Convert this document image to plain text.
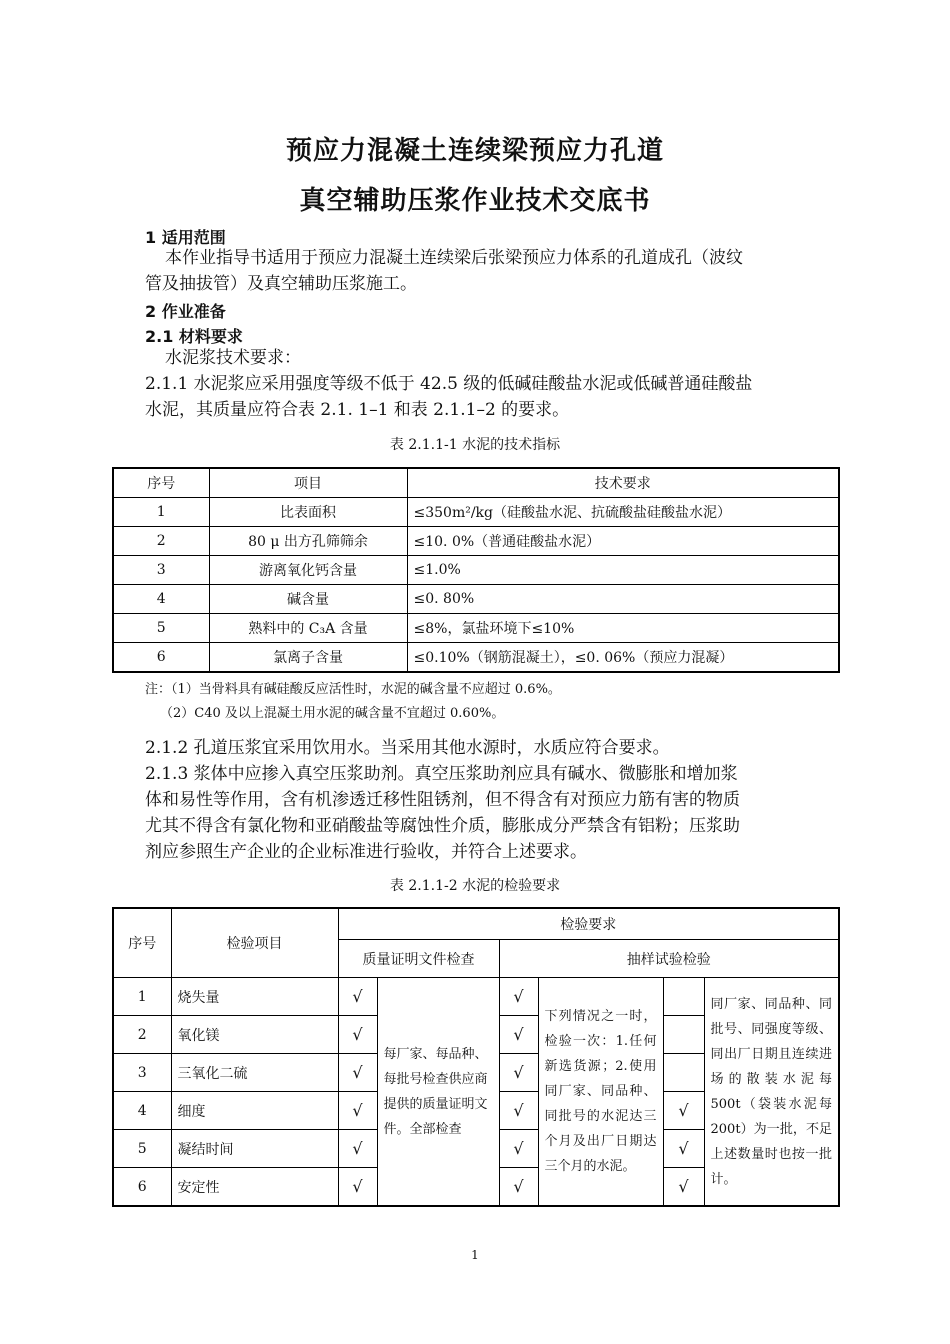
预应力混凝土连续梁预应力孔道
真空辅助压浆作业技术交底书
1 适用范围
本作业指导书适用于预应力混凝土连续梁后张梁预应力体系的孔道成孔（波纹
管及抽拔管）及真空辅助压浆施工。
2 作业准备
2.1 材料要求
水泥浆技术要求：
2.1.1 水泥浆应采用强度等级不低于 42.5 级的低碱硅酸盐水泥或低碱普通硅酸盐
水泥，其质量应符合表 2.1. 1–1 和表 2.1.1–2 的要求。
表 2.1.1-1 水泥的技术指标
序号	项目	技术要求
1	比表面积	≤350m²/kg（硅酸盐水泥、抗硫酸盐硅酸盐水泥）
2	80 μ 出方孔筛筛余	≤10. 0%（普通硅酸盐水泥）
3	游离氧化钙含量	≤1.0%
4	碱含量	≤0. 80%
5	熟料中的 C₃A 含量	≤8%，氯盐环境下≤10%
6	氯离子含量	≤0.10%（钢筋混凝土），≤0. 06%（预应力混凝）
注：（1）当骨料具有碱硅酸反应活性时，水泥的碱含量不应超过 0.6%。
（2）C40 及以上混凝土用水泥的碱含量不宜超过 0.60%。
2.1.2 孔道压浆宜采用饮用水。当采用其他水源时，水质应符合要求。
2.1.3 浆体中应掺入真空压浆助剂。真空压浆助剂应具有碱水、微膨胀和增加浆
体和易性等作用，含有机渗透迁移性阻锈剂，但不得含有对预应力筋有害的物质
尤其不得含有氯化物和亚硝酸盐等腐蚀性介质，膨胀成分严禁含有铝粉；压浆助
剂应参照生产企业的企业标准进行验收，并符合上述要求。
表 2.1.1-2 水泥的检验要求
序号	检验项目	检验要求					
		质量证明文件检查		抽样试验检验			
1	烧失量	√	每厂家、每品种、每批号检查供应商提供的质量证明文件。全部检查	√	下列情况之一时，检验一次：1.任何新选货源；2.使用同厂家、同品种、同批号的水泥达三个月及出厂日期达三个月的水泥。		同厂家、同品种、同批号、同强度等级、同出厂日期且连续进场的散装水泥每 500t（袋装水泥每 200t）为一批，不足上述数量时也按一批计。
2	氧化镁	√		√			
3	三氧化二硫	√		√			
4	细度	√		√		√	
5	凝结时间	√		√		√	
6	安定性	√		√		√	
1
